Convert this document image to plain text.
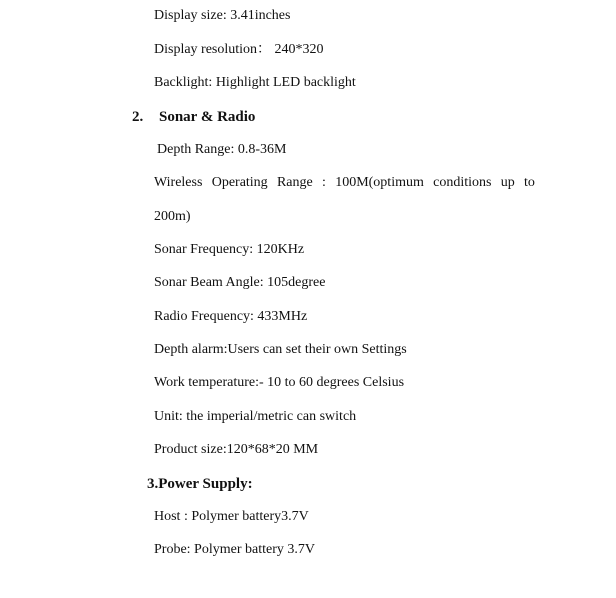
Display size: 3.41inches
Display resolution： 240*320
Backlight: Highlight LED backlight
2. Sonar & Radio
Depth Range: 0.8-36M
Wireless Operating Range : 100M(optimum conditions up to
200m)
Sonar Frequency: 120KHz
Sonar Beam Angle: 105degree
Radio Frequency: 433MHz
Depth alarm:Users can set their own Settings
Work temperature:- 10 to 60 degrees Celsius
Unit: the imperial/metric can switch
Product size:120*68*20 MM
3.Power Supply:
Host : Polymer battery3.7V
Probe: Polymer battery 3.7V
